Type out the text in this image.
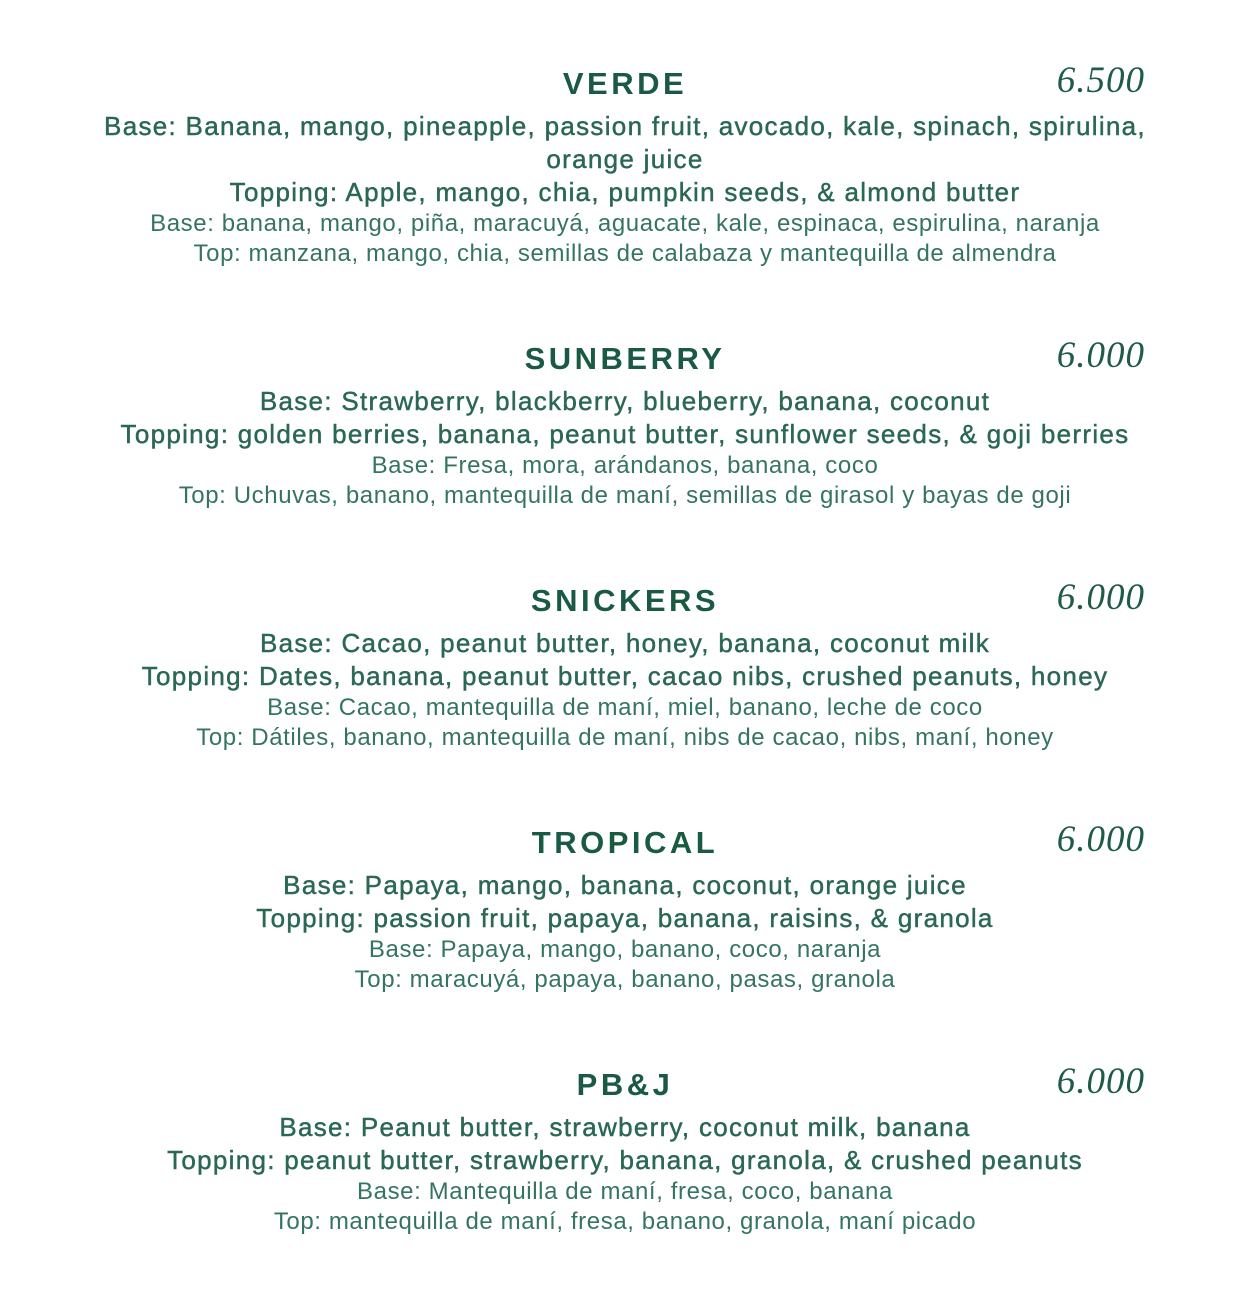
VERDE	6.500

Base: Banana, mango, pineapple, passion fruit, avocado, kale, spinach, spirulina, orange juice

Topping: Apple, mango, chia, pumpkin seeds, & almond butter

Base: banana, mango, piña, maracuyá, aguacate, kale, espinaca, espirulina, naranja

Top: manzana, mango, chia, semillas de calabaza y mantequilla de almendra

SUNBERRY	6.000

Base: Strawberry, blackberry, blueberry, banana, coconut

Topping: golden berries, banana, peanut butter, sunflower seeds, & goji berries

Base: Fresa, mora, arándanos, banana, coco

Top: Uchuvas, banano, mantequilla de maní, semillas de girasol y bayas de goji

SNICKERS	6.000

Base: Cacao, peanut butter, honey, banana, coconut milk

Topping: Dates, banana, peanut butter, cacao nibs, crushed peanuts, honey

Base: Cacao, mantequilla de maní, miel, banano, leche de coco

Top: Dátiles, banano, mantequilla de maní, nibs de cacao, nibs, maní, honey

TROPICAL	6.000

Base: Papaya, mango, banana, coconut, orange juice

Topping: passion fruit, papaya, banana, raisins, & granola

Base: Papaya, mango, banano, coco, naranja

Top: maracuyá, papaya, banano, pasas, granola

PB&J	6.000

Base: Peanut butter, strawberry, coconut milk, banana

Topping: peanut butter, strawberry, banana, granola, & crushed peanuts

Base: Mantequilla de maní, fresa, coco, banana

Top: mantequilla de maní, fresa, banano, granola, maní picado
